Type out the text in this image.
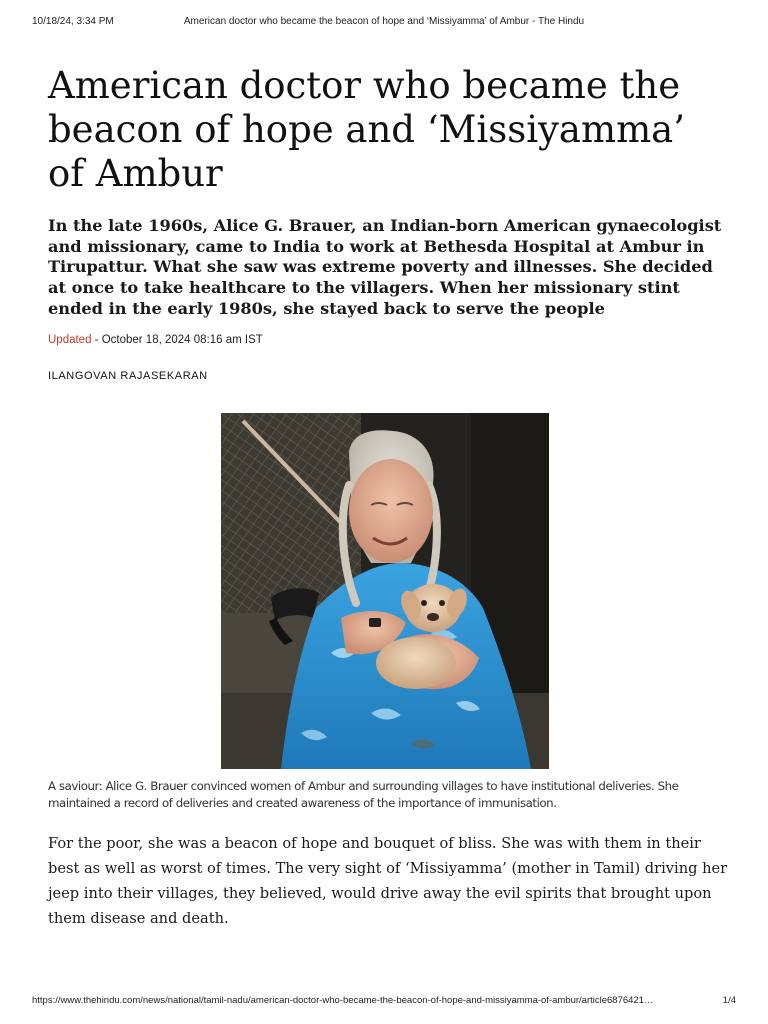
10/18/24, 3:34 PM	American doctor who became the beacon of hope and ‘Missiyamma’ of Ambur - The Hindu
American doctor who became the beacon of hope and ‘Missiyamma’ of Ambur

In the late 1960s, Alice G. Brauer, an Indian-born American gynaecologist and missionary, came to India to work at Bethesda Hospital at Ambur in Tirupattur. What she saw was extreme poverty and illnesses. She decided at once to take healthcare to the villagers. When her missionary stint ended in the early 1980s, she stayed back to serve the people

Updated - October 18, 2024 08:16 am IST
ILANGOVAN RAJASEKARAN

A saviour: Alice G. Brauer convinced women of Ambur and surrounding villages to have institutional deliveries. She maintained a record of deliveries and created awareness of the importance of immunisation.

For the poor, she was a beacon of hope and bouquet of bliss. She was with them in their best as well as worst of times. The very sight of ‘Missiyamma’ (mother in Tamil) driving her jeep into their villages, they believed, would drive away the evil spirits that brought upon them disease and death.

https://www.thehindu.com/news/national/tamil-nadu/american-doctor-who-became-the-beacon-of-hope-and-missiyamma-of-ambur/article6876421…	1/4
